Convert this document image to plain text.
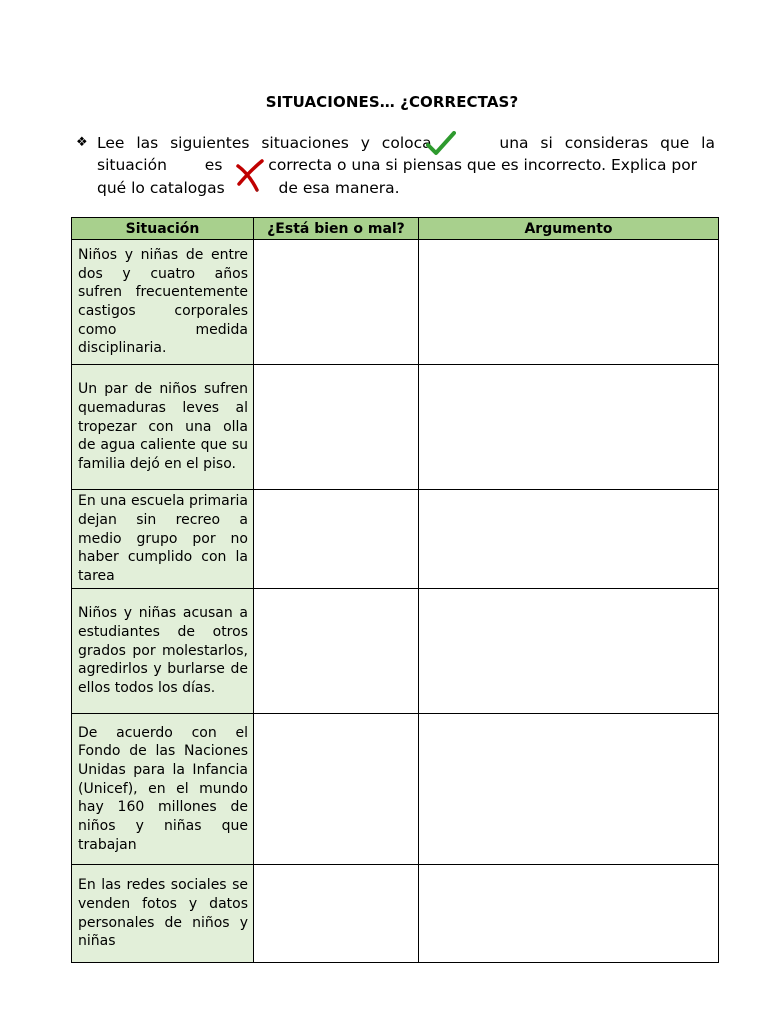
SITUACIONES… ¿CORRECTAS?
❖ Lee las siguientes situaciones y coloca	una si consideras que la
situación es	correcta o una si piensas que es incorrecto. Explica por
qué lo catalogas	de esa manera.
Situación	¿Está bien o mal?	Argumento
Niños y niñas de entre dos y cuatro años sufren frecuentemente castigos corporales como medida disciplinaria.		
Un par de niños sufren quemaduras leves al tropezar con una olla de agua caliente que su familia dejó en el piso.		
En una escuela primaria dejan sin recreo a medio grupo por no haber cumplido con la tarea		
Niños y niñas acusan a estudiantes de otros grados por molestarlos, agredirlos y burlarse de ellos todos los días.		
De acuerdo con el Fondo de las Naciones Unidas para la Infancia (Unicef), en el mundo hay 160 millones de niños y niñas que trabajan		
En las redes sociales se venden fotos y datos personales de niños y niñas		
